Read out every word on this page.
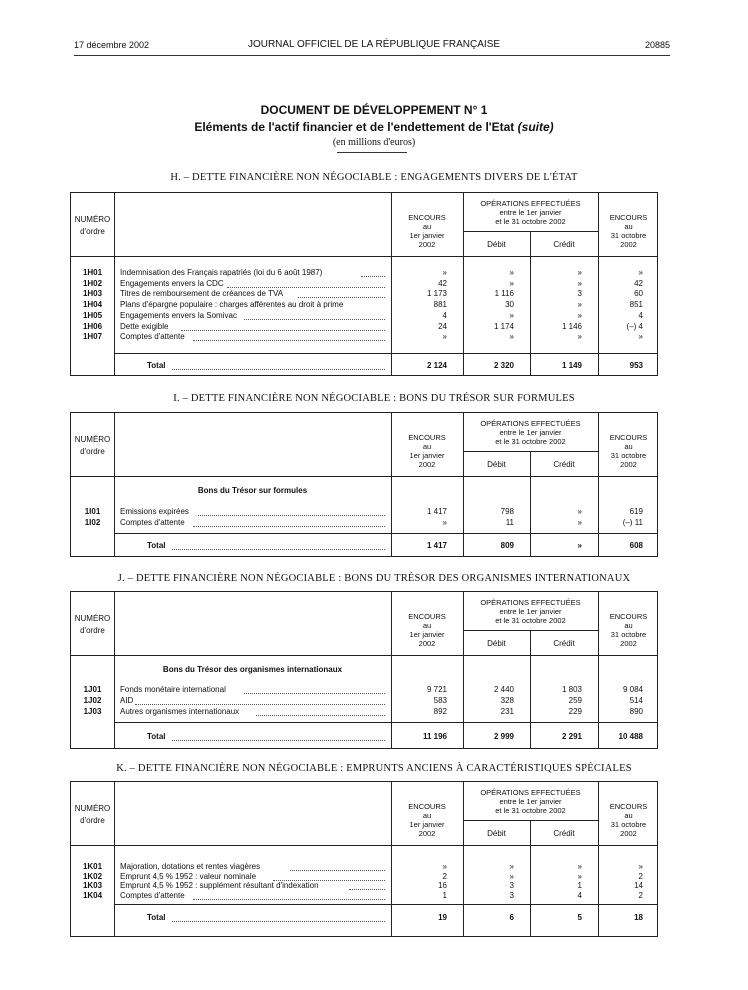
17 décembre 2002	JOURNAL OFFICIEL DE LA RÉPUBLIQUE FRANÇAISE	20885
DOCUMENT DE DÉVELOPPEMENT N° 1
Eléments de l'actif financier et de l'endettement de l'Etat (suite)
(en millions d'euros)
H. – DETTE FINANCIÈRE NON NÉGOCIABLE : ENGAGEMENTS DIVERS DE L'ÉTAT
NUMÉRO
d'ordre
ENCOURS
au
1er janvier
2002
OPÉRATIONS EFFECTUÉES
entre le 1er janvier
et le 31 octobre 2002
Débit	Crédit
ENCOURS
au
31 octobre
2002
1H01	Indemnisation des Français rapatriés (loi du 6 août 1987)	»	»	»	»
1H02	Engagements envers la CDC	42	»	»	42
1H03	Titres de remboursement de créances de TVA	1 173	1 116	3	60
1H04	Plans d'épargne populaire : charges afférentes au droit à prime	881	30	»	851
1H05	Engagements envers la Somivac	4	»	»	4
1H06	Dette exigible	24	1 174	1 146	(–) 4
1H07	Comptes d'attente	»	»	»	»
Total	2 124	2 320	1 149	953
I. – DETTE FINANCIÈRE NON NÉGOCIABLE : BONS DU TRÉSOR SUR FORMULES
NUMÉRO
d'ordre
ENCOURS
au
1er janvier
2002
OPÉRATIONS EFFECTUÉES
entre le 1er janvier
et le 31 octobre 2002
Débit	Crédit
ENCOURS
au
31 octobre
2002
Bons du Trésor sur formules
1I01	Emissions expirées	1 417	798	»	619
1I02	Comptes d'attente	»	11	»	(–) 11
Total	1 417	809	»	608
J. – DETTE FINANCIÈRE NON NÉGOCIABLE : BONS DU TRÉSOR DES ORGANISMES INTERNATIONAUX
NUMÉRO
d'ordre
ENCOURS
au
1er janvier
2002
OPÉRATIONS EFFECTUÉES
entre le 1er janvier
et le 31 octobre 2002
Débit	Crédit
ENCOURS
au
31 octobre
2002
Bons du Trésor des organismes internationaux
1J01	Fonds monétaire international	9 721	2 440	1 803	9 084
1J02	AID	583	328	259	514
1J03	Autres organismes internationaux	892	231	229	890
Total	11 196	2 999	2 291	10 488
K. – DETTE FINANCIÈRE NON NÉGOCIABLE : EMPRUNTS ANCIENS À CARACTÉRISTIQUES SPÉCIALES
NUMÉRO
d'ordre
ENCOURS
au
1er janvier
2002
OPÉRATIONS EFFECTUÉES
entre le 1er janvier
et le 31 octobre 2002
Débit	Crédit
ENCOURS
au
31 octobre
2002
1K01	Majoration, dotations et rentes viagères	»	»	»	»
1K02	Emprunt 4,5 % 1952 : valeur nominale	2	»	»	2
1K03	Emprunt 4,5 % 1952 : supplément résultant d'indexation	16	3	1	14
1K04	Comptes d'attente	1	3	4	2
Total	19	6	5	18
